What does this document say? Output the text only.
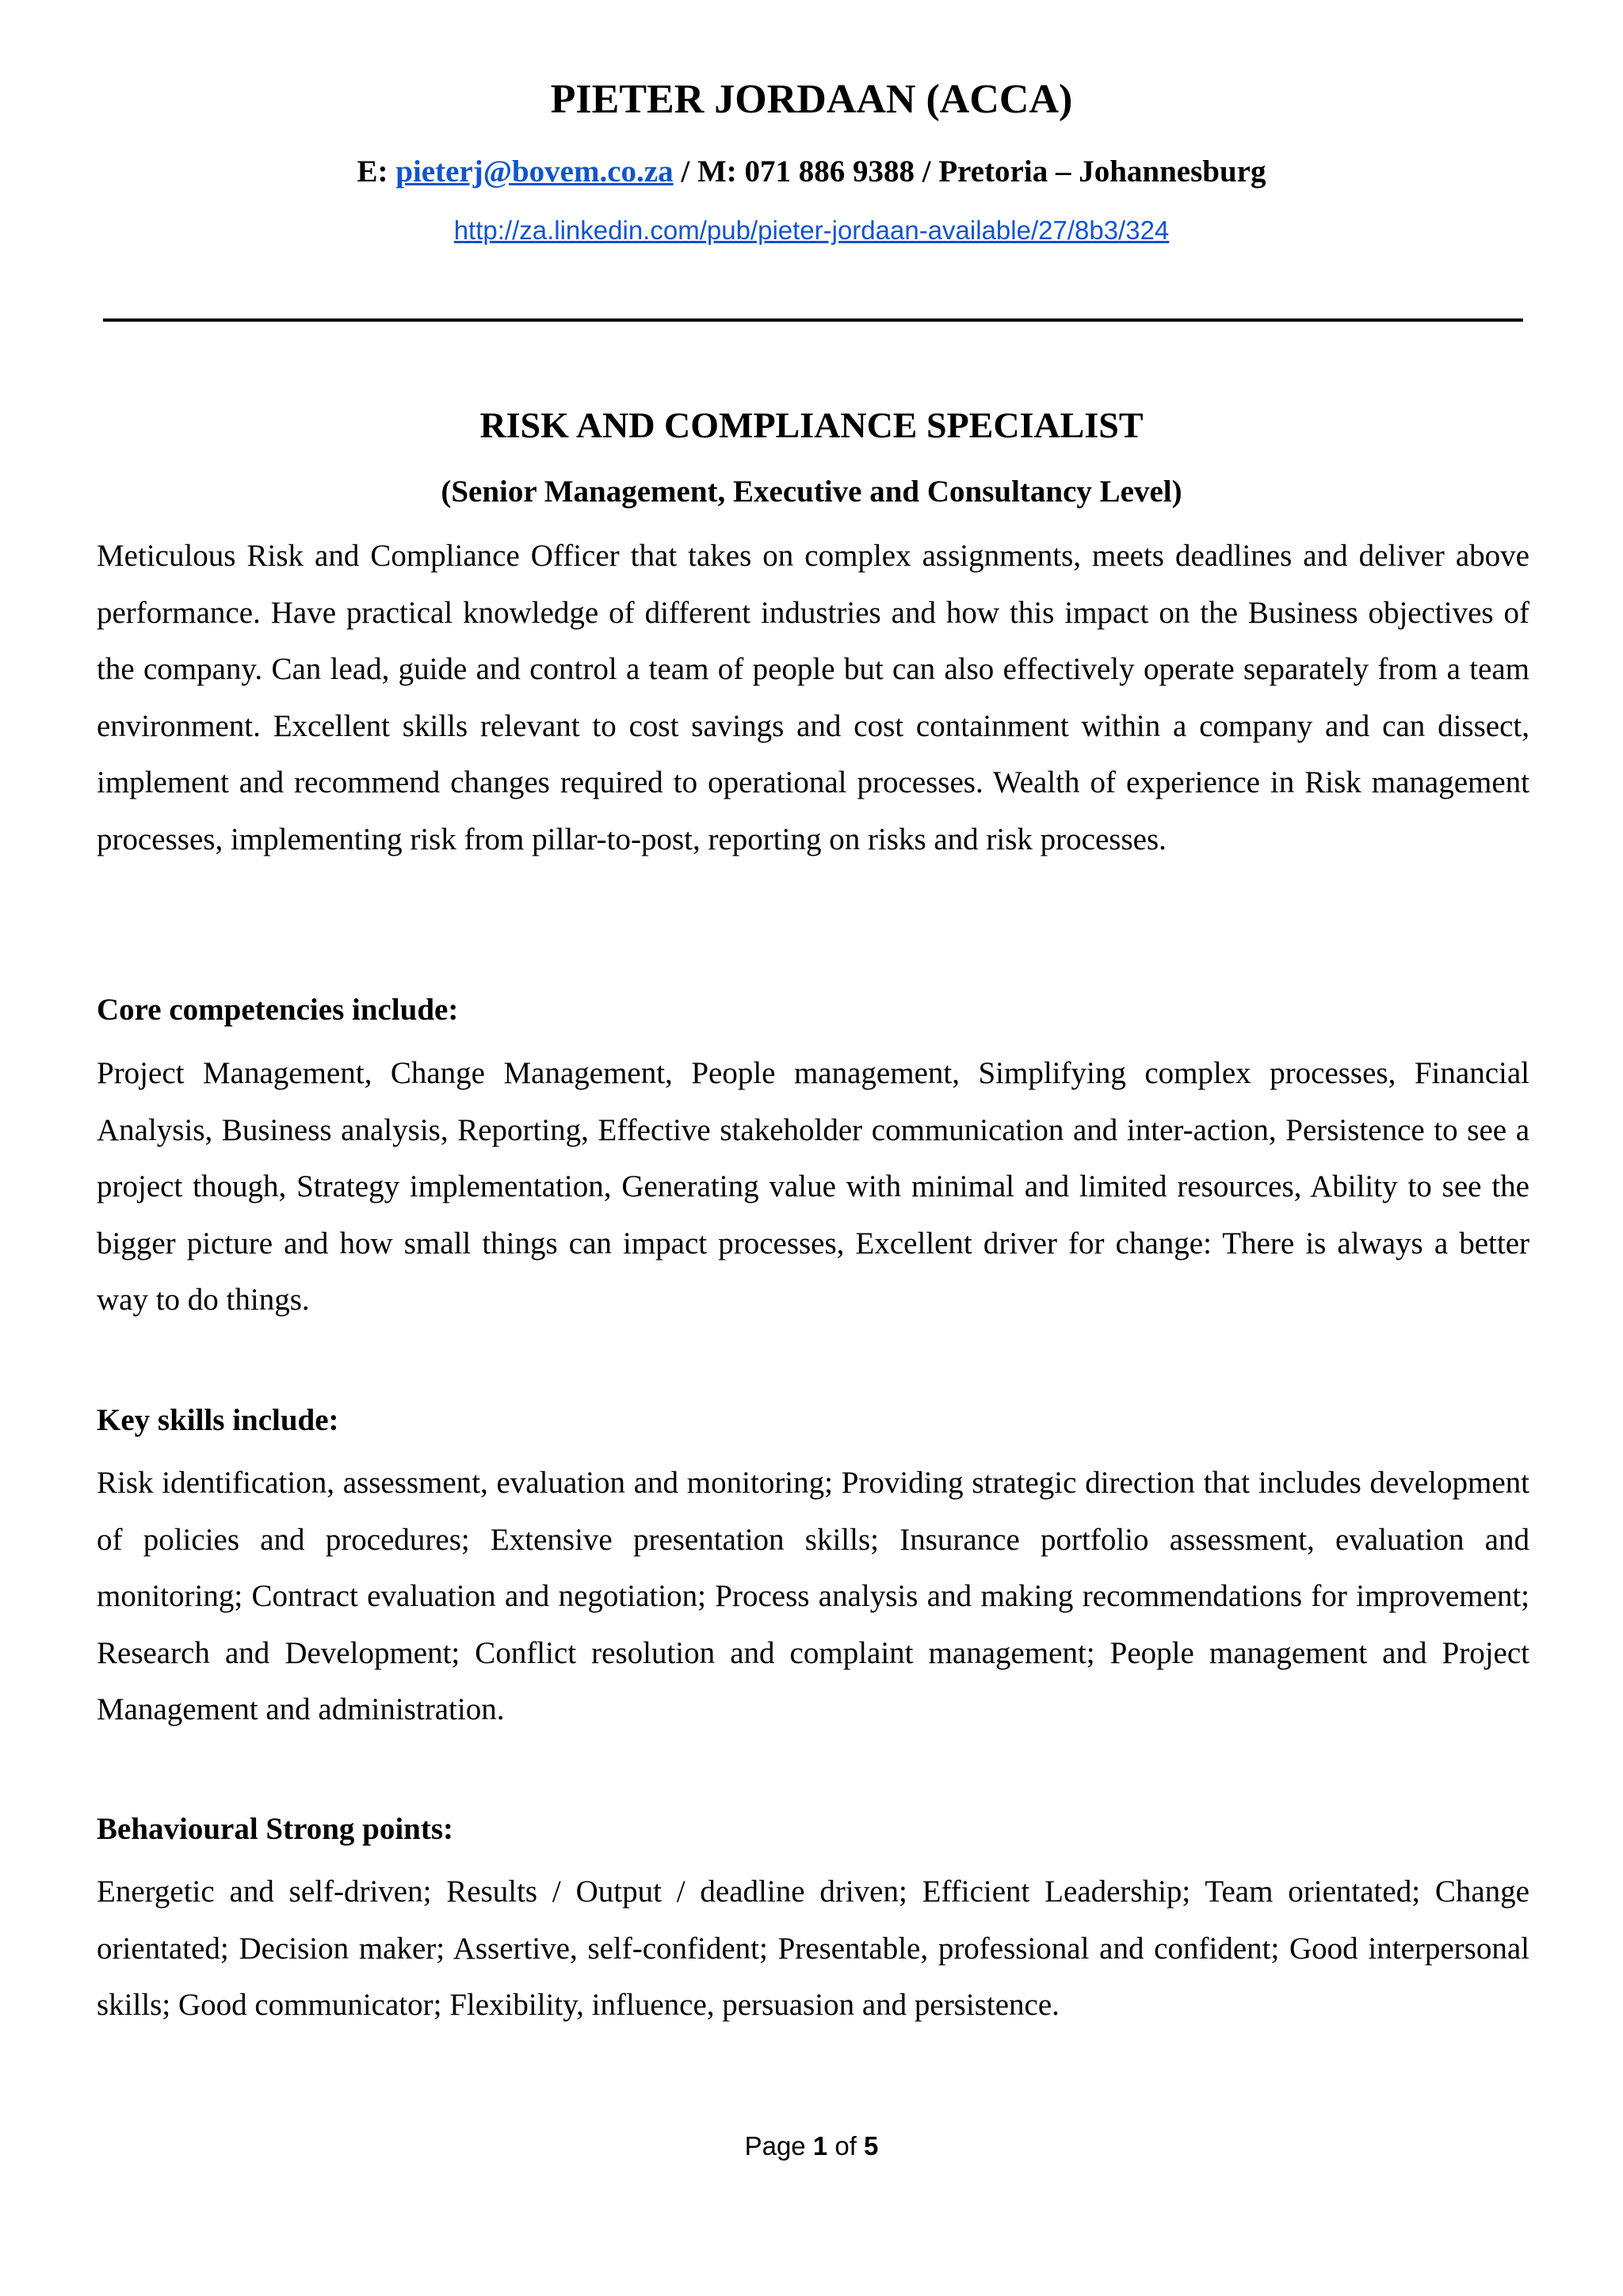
PIETER JORDAAN (ACCA)
E: pieterj@bovem.co.za / M: 071 886 9388 / Pretoria – Johannesburg
http://za.linkedin.com/pub/pieter-jordaan-available/27/8b3/324
RISK AND COMPLIANCE SPECIALIST
(Senior Management, Executive and Consultancy Level)

Meticulous Risk and Compliance Officer that takes on complex assignments, meets deadlines and deliver above performance. Have practical knowledge of different industries and how this impact on the Business objectives of the company. Can lead, guide and control a team of people but can also effectively operate separately from a team environment. Excellent skills relevant to cost savings and cost containment within a company and can dissect, implement and recommend changes required to operational processes. Wealth of experience in Risk management processes, implementing risk from pillar-to-post, reporting on risks and risk processes.

Core competencies include:

Project Management, Change Management, People management, Simplifying complex processes, Financial Analysis, Business analysis, Reporting, Effective stakeholder communication and inter-action, Persistence to see a project though, Strategy implementation, Generating value with minimal and limited resources, Ability to see the bigger picture and how small things can impact processes, Excellent driver for change: There is always a better way to do things.

Key skills include:

Risk identification, assessment, evaluation and monitoring; Providing strategic direction that includes development of policies and procedures; Extensive presentation skills; Insurance portfolio assessment, evaluation and monitoring; Contract evaluation and negotiation; Process analysis and making recommendations for improvement; Research and Development; Conflict resolution and complaint management; People management and Project Management and administration.

Behavioural Strong points:

Energetic and self-driven; Results / Output / deadline driven; Efficient Leadership; Team orientated; Change orientated; Decision maker; Assertive, self-confident; Presentable, professional and confident; Good interpersonal skills; Good communicator; Flexibility, influence, persuasion and persistence.

Page 1 of 5
